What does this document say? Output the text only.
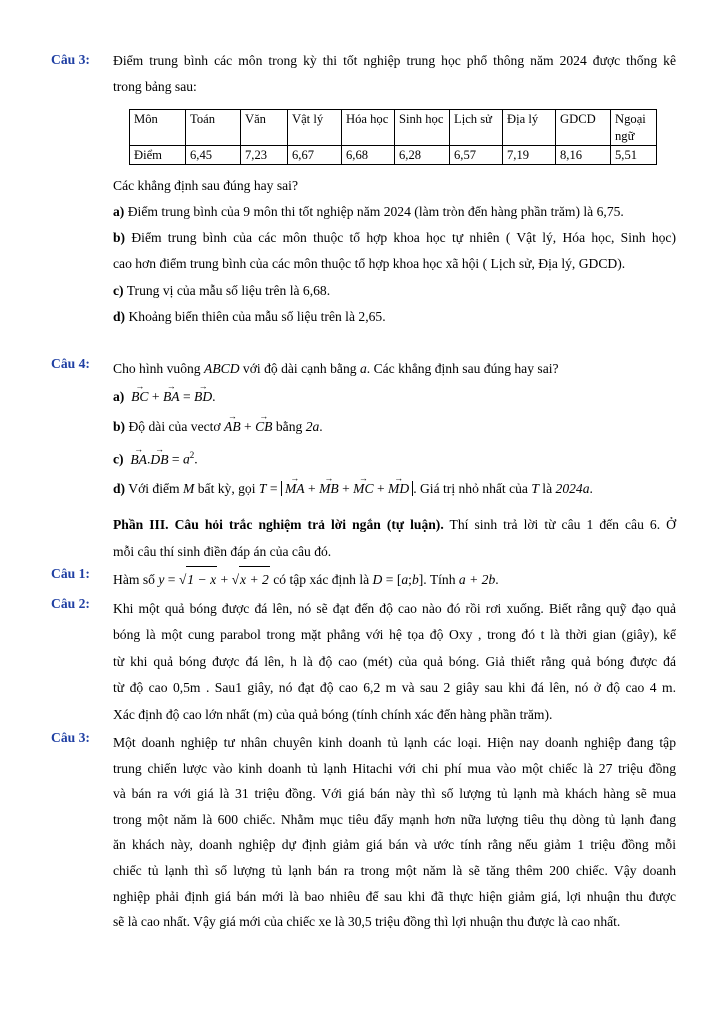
Câu 3:	Điểm trung bình các môn trong kỳ thi tốt nghiệp trung học phổ thông năm 2024 được thống kê
trong bảng sau:
Môn	Toán	Văn	Vật lý	Hóa học	Sinh học	Lịch sử	Địa lý	GDCD	Ngoại ngữ
Điểm	6,45	7,23	6,67	6,68	6,28	6,57	7,19	8,16	5,51
Các khẳng định sau đúng hay sai?
a) Điểm trung bình của 9 môn thi tốt nghiệp năm 2024 (làm tròn đến hàng phần trăm) là 6,75.
b) Điểm trung bình của các môn thuộc tổ hợp khoa học tự nhiên ( Vật lý, Hóa học, Sinh học)
cao hơn điểm trung bình của các môn thuộc tổ hợp khoa học xã hội ( Lịch sử, Địa lý, GDCD).
c) Trung vị của mẫu số liệu trên là 6,68.
d) Khoảng biến thiên của mẫu số liệu trên là 2,65.
Câu 4:	Cho hình vuông ABCD với độ dài cạnh bằng a. Các khẳng định sau đúng hay sai?
a) BC → + BA → = BD →.
b) Độ dài của vectơ AB → + CB → bằng 2a.
c) BA →.DB → = $a^2$.
d) Với điểm M bất kỳ, gọi T = MA → + MB → + MC → + MD → . Giá trị nhỏ nhất của T là 2024a.
Phần III. Câu hỏi trắc nghiệm trả lời ngắn (tự luận). Thí sinh trả lời từ câu 1 đến câu 6. Ở
mỗi câu thí sinh điền đáp án của câu đó.
Câu 1:	Hàm số y = √1 − x + √x + 2 có tập xác định là D = [a;b]. Tính a + 2b.
Câu 2:	Khi một quả bóng được đá lên, nó sẽ đạt đến độ cao nào đó rồi rơi xuống. Biết rằng quỹ đạo quả
bóng là một cung parabol trong mặt phẳng với hệ tọa độ Oxy , trong đó t là thời gian (giây), kể
từ khi quả bóng được đá lên, h là độ cao (mét) của quả bóng. Giả thiết rằng quả bóng được đá
từ độ cao 0,5m . Sau1 giây, nó đạt độ cao 6,2 m và sau 2 giây sau khi đá lên, nó ở độ cao 4 m.
Xác định độ cao lớn nhất (m) của quả bóng (tính chính xác đến hàng phần trăm).
Câu 3:	Một doanh nghiệp tư nhân chuyên kinh doanh tủ lạnh các loại. Hiện nay doanh nghiệp đang tập
trung chiến lược vào kinh doanh tủ lạnh Hitachi với chi phí mua vào một chiếc là 27 triệu đồng
và bán ra với giá là 31 triệu đồng. Với giá bán này thì số lượng tủ lạnh mà khách hàng sẽ mua
trong một năm là 600 chiếc. Nhằm mục tiêu đẩy mạnh hơn nữa lượng tiêu thụ dòng tủ lạnh đang
ăn khách này, doanh nghiệp dự định giảm giá bán và ước tính rằng nếu giảm 1 triệu đồng mỗi
chiếc tủ lạnh thì số lượng tủ lạnh bán ra trong một năm là sẽ tăng thêm 200 chiếc. Vậy doanh
nghiệp phải định giá bán mới là bao nhiêu để sau khi đã thực hiện giảm giá, lợi nhuận thu được
sẽ là cao nhất. Vậy giá mới của chiếc xe là 30,5 triệu đồng thì lợi nhuận thu được là cao nhất.
